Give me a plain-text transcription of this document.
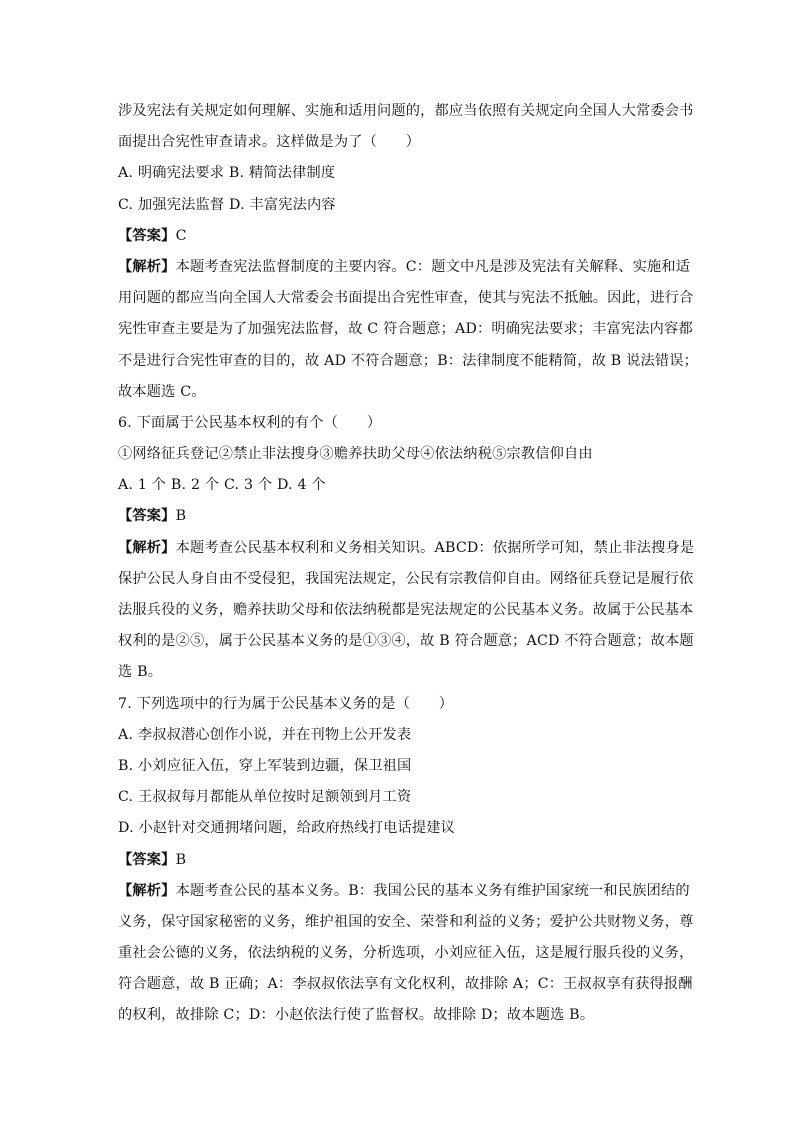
涉及宪法有关规定如何理解、实施和适用问题的，都应当依照有关规定向全国人大常委会书
面提出合宪性审查请求。这样做是为了（　　）
A. 明确宪法要求 B. 精简法律制度
C. 加强宪法监督 D. 丰富宪法内容
【答案】C
【解析】本题考查宪法监督制度的主要内容。C：题文中凡是涉及宪法有关解释、实施和适
用问题的都应当向全国人大常委会书面提出合宪性审查，使其与宪法不抵触。因此，进行合
宪性审查主要是为了加强宪法监督，故 C 符合题意；AD：明确宪法要求；丰富宪法内容都
不是进行合宪性审查的目的，故 AD 不符合题意；B：法律制度不能精简，故 B 说法错误；
故本题选 C。
6. 下面属于公民基本权利的有个（　　）
①网络征兵登记②禁止非法搜身③赡养扶助父母④依法纳税⑤宗教信仰自由
A. 1 个 B. 2 个 C. 3 个 D. 4 个
【答案】B
【解析】本题考查公民基本权利和义务相关知识。ABCD：依据所学可知，禁止非法搜身是
保护公民人身自由不受侵犯，我国宪法规定，公民有宗教信仰自由。网络征兵登记是履行依
法服兵役的义务，赡养扶助父母和依法纳税都是宪法规定的公民基本义务。故属于公民基本
权利的是②⑤，属于公民基本义务的是①③④，故 B 符合题意；ACD 不符合题意；故本题
选 B。
7. 下列选项中的行为属于公民基本义务的是（　　）
A. 李叔叔潜心创作小说，并在刊物上公开发表
B. 小刘应征入伍，穿上军装到边疆，保卫祖国
C. 王叔叔每月都能从单位按时足额领到月工资
D. 小赵针对交通拥堵问题，给政府热线打电话提建议
【答案】B
【解析】本题考查公民的基本义务。B：我国公民的基本义务有维护国家统一和民族团结的
义务，保守国家秘密的义务，维护祖国的安全、荣誉和利益的义务；爱护公共财物义务，尊
重社会公德的义务，依法纳税的义务，分析选项，小刘应征入伍，这是履行服兵役的义务，
符合题意，故 B 正确；A：李叔叔依法享有文化权利，故排除 A；C：王叔叔享有获得报酬
的权利，故排除 C；D：小赵依法行使了监督权。故排除 D；故本题选 B。
